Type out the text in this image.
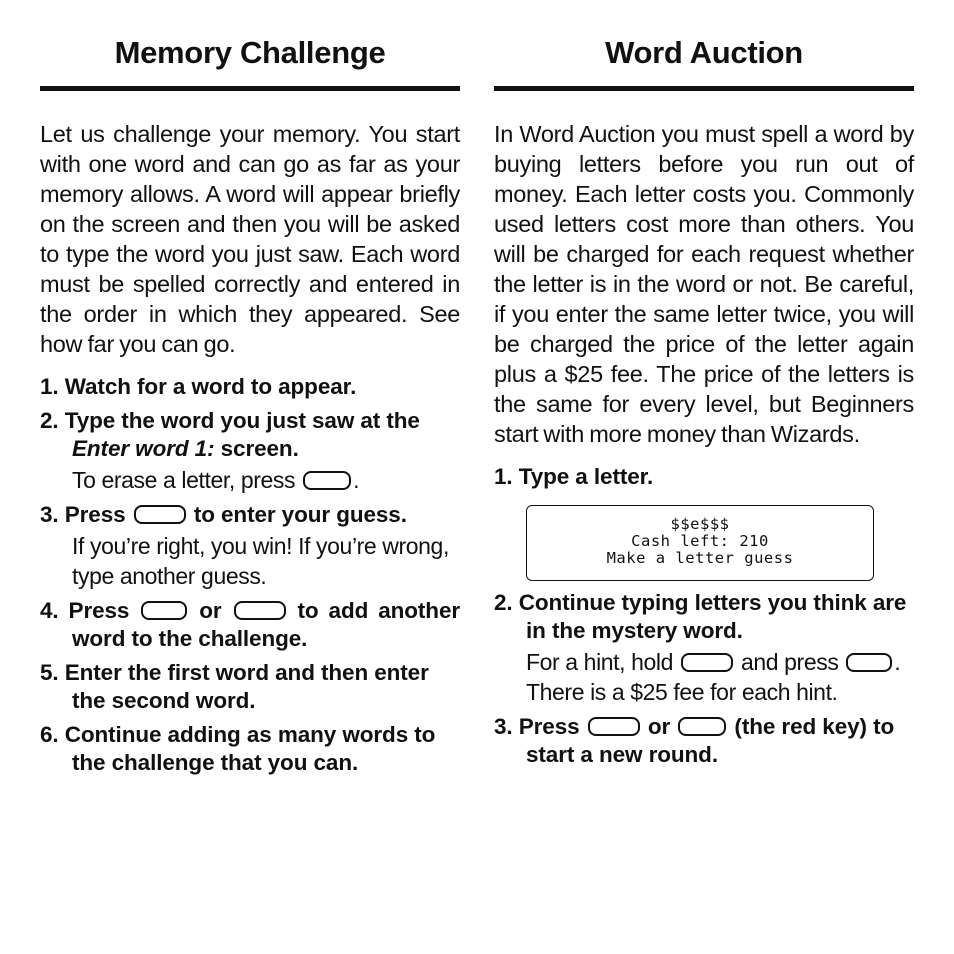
Memory Challenge

Let us challenge your memory. You start with one word and can go as far as your memory allows. A word will appear briefly on the screen and then you will be asked to type the word you just saw. Each word must be spelled correctly and entered in the order in which they appeared. See how far you can go.

1. Watch for a word to appear.
2. Type the word you just saw at the Enter word 1: screen.
To erase a letter, press .
3. Press  to enter your guess.
If you’re right, you win! If you’re wrong, type another guess.
4. Press  or  to add another word to the challenge.
5. Enter the first word and then enter the second word.
6. Continue adding as many words to the challenge that you can.
Word Auction

In Word Auction you must spell a word by buying letters before you run out of money. Each letter costs you. Commonly used letters cost more than others. You will be charged for each request whether the letter is in the word or not. Be careful, if you enter the same letter twice, you will be charged the price of the letter again plus a $25 fee. The price of the letters is the same for every level, but Beginners start with more money than Wizards.

1. Type a letter.
$$e$$$
Cash left: 210
Make a letter guess
2. Continue typing letters you think are in the mystery word.
For a hint, hold  and press . There is a $25 fee for each hint.
3. Press  or  (the red key) to start a new round.
